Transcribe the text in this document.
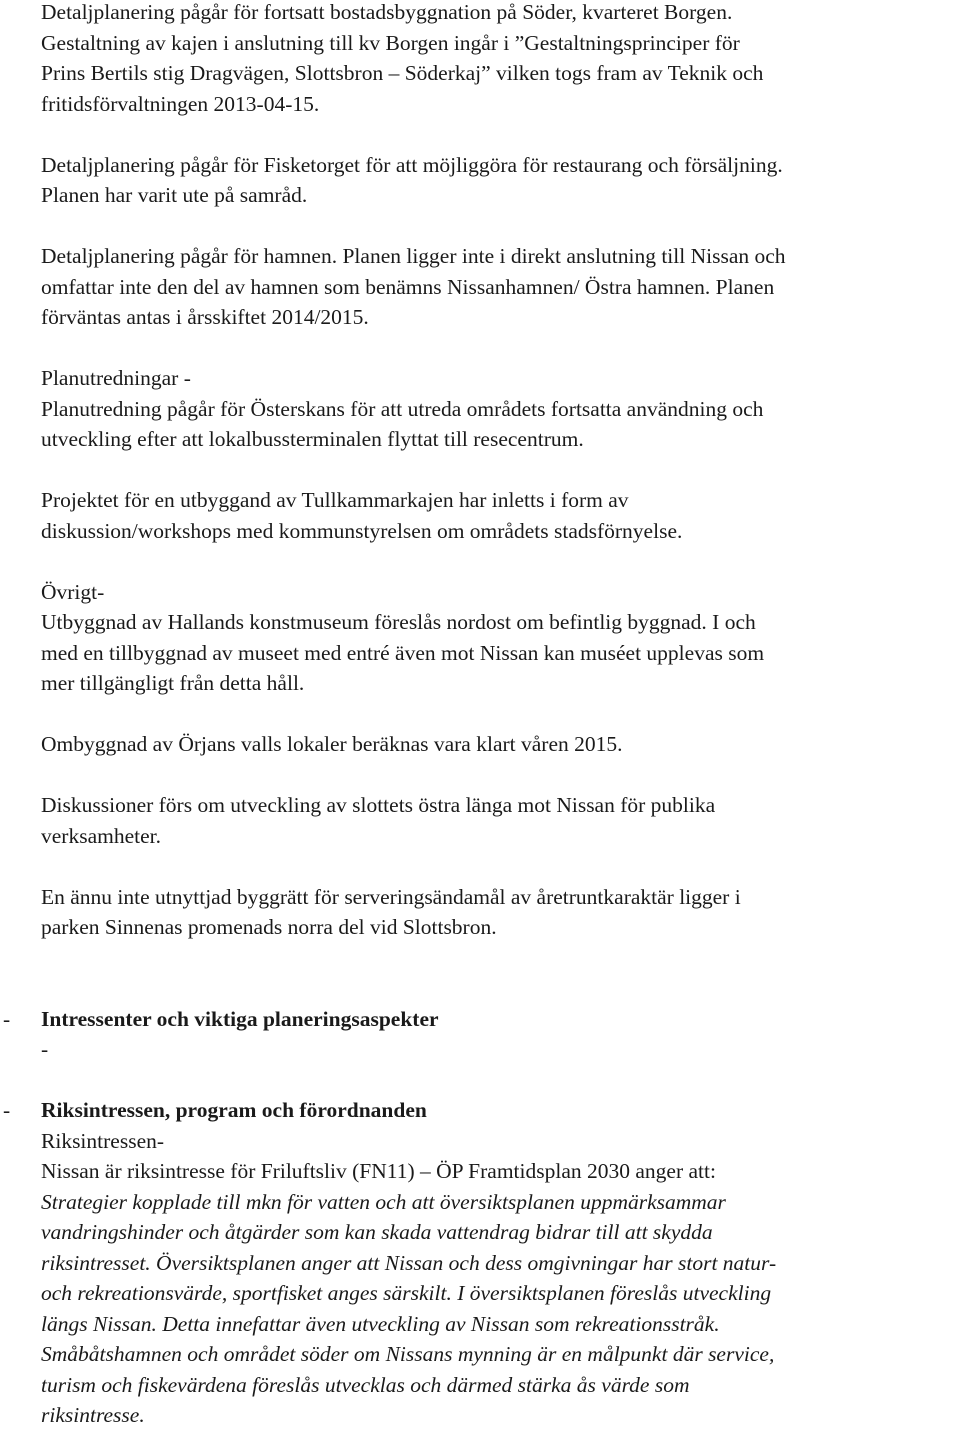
Detaljplanering pågår för fortsatt bostadsbyggnation på Söder, kvarteret Borgen.
Gestaltning av kajen i anslutning till kv Borgen ingår i ”Gestaltningsprinciper för
Prins Bertils stig Dragvägen, Slottsbron – Söderkaj” vilken togs fram av Teknik och
fritidsförvaltningen 2013-04-15.

Detaljplanering pågår för Fisketorget för att möjliggöra för restaurang och försäljning.
Planen har varit ute på samråd.

Detaljplanering pågår för hamnen. Planen ligger inte i direkt anslutning till Nissan och
omfattar inte den del av hamnen som benämns Nissanhamnen/ Östra hamnen. Planen
förväntas antas i årsskiftet 2014/2015.

Planutredningar -
Planutredning pågår för Österskans för att utreda områdets fortsatta användning och
utveckling efter att lokalbussterminalen flyttat till resecentrum.

Projektet för en utbyggand av Tullkammarkajen har inletts i form av
diskussion/workshops med kommunstyrelsen om områdets stadsförnyelse.

Övrigt-
Utbyggnad av Hallands konstmuseum föreslås nordost om befintlig byggnad. I och
med en tillbyggnad av museet med entré även mot Nissan kan muséet upplevas som
mer tillgängligt från detta håll.

Ombyggnad av Örjans valls lokaler beräknas vara klart våren 2015.

Diskussioner förs om utveckling av slottets östra länga mot Nissan för publika
verksamheter.

En ännu inte utnyttjad byggrätt för serveringsändamål av åretruntkaraktär ligger i
parken Sinnenas promenads norra del vid Slottsbron.

- Intressenter och viktiga planeringsaspekter
-
- Riksintressen, program och förordnanden
Riksintressen-
Nissan är riksintresse för Friluftsliv (FN11) – ÖP Framtidsplan 2030 anger att:
Strategier kopplade till mkn för vatten och att översiktsplanen uppmärksammar
vandringshinder och åtgärder som kan skada vattendrag bidrar till att skydda
riksintresset. Översiktsplanen anger att Nissan och dess omgivningar har stort natur-
och rekreationsvärde, sportfisket anges särskilt. I översiktsplanen föreslås utveckling
längs Nissan. Detta innefattar även utveckling av Nissan som rekreationsstråk.
Småbåtshamnen och området söder om Nissans mynning är en målpunkt där service,
turism och fiskevärdena föreslås utvecklas och därmed stärka ås värde som
riksintresse.
